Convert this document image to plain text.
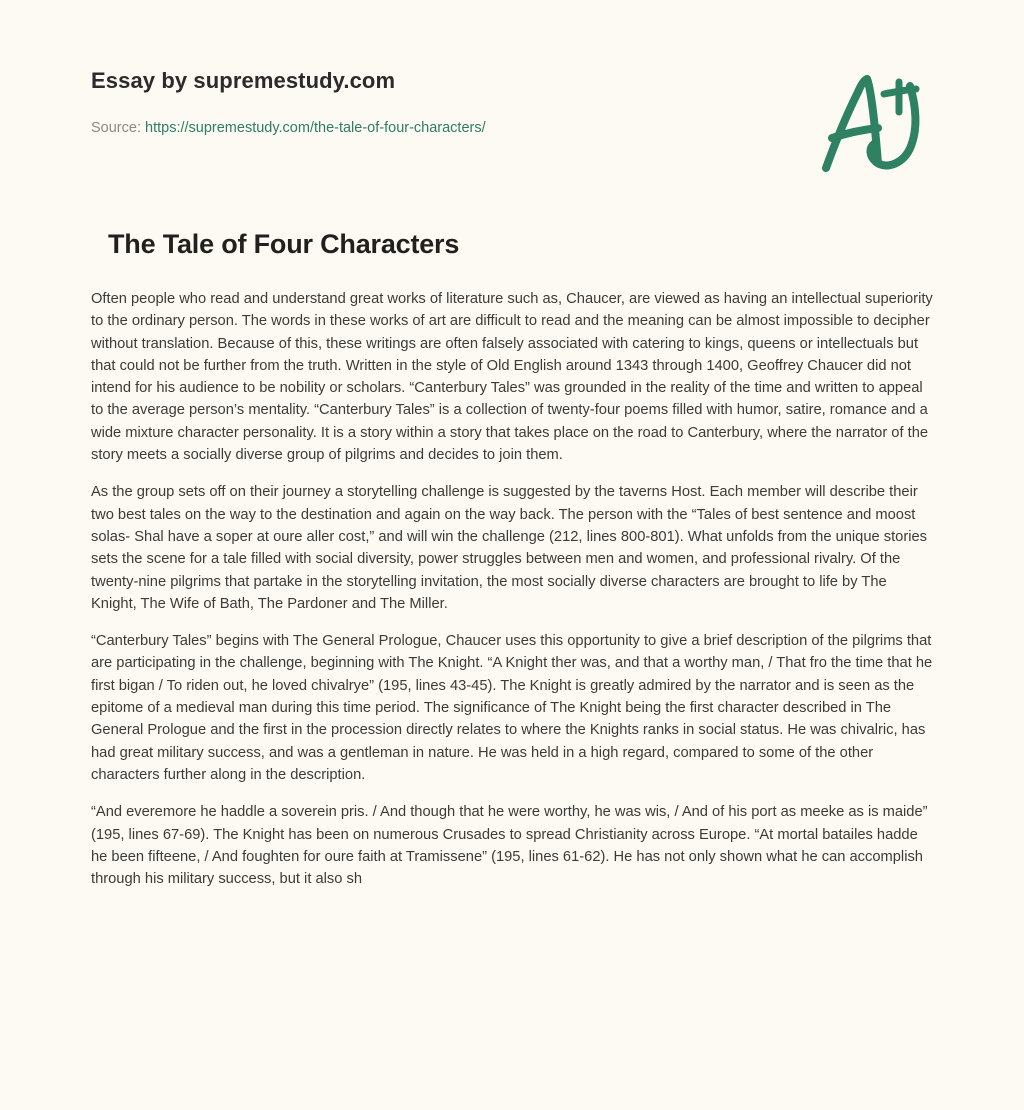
Essay by supremestudy.com
Source: https://supremestudy.com/the-tale-of-four-characters/
The Tale of Four Characters

Often people who read and understand great works of literature such as, Chaucer, are viewed as having an intellectual superiority to the ordinary person. The words in these works of art are difficult to read and the meaning can be almost impossible to decipher without translation. Because of this, these writings are often falsely associated with catering to kings, queens or intellectuals but that could not be further from the truth. Written in the style of Old English around 1343 through 1400, Geoffrey Chaucer did not intend for his audience to be nobility or scholars. “Canterbury Tales” was grounded in the reality of the time and written to appeal to the average person’s mentality. “Canterbury Tales” is a collection of twenty-four poems filled with humor, satire, romance and a wide mixture character personality. It is a story within a story that takes place on the road to Canterbury, where the narrator of the story meets a socially diverse group of pilgrims and decides to join them.

As the group sets off on their journey a storytelling challenge is suggested by the taverns Host. Each member will describe their two best tales on the way to the destination and again on the way back. The person with the “Tales of best sentence and moost solas- Shal have a soper at oure aller cost,” and will win the challenge (212, lines 800-801). What unfolds from the unique stories sets the scene for a tale filled with social diversity, power struggles between men and women, and professional rivalry. Of the twenty-nine pilgrims that partake in the storytelling invitation, the most socially diverse characters are brought to life by The Knight, The Wife of Bath, The Pardoner and The Miller.

“Canterbury Tales” begins with The General Prologue, Chaucer uses this opportunity to give a brief description of the pilgrims that are participating in the challenge, beginning with The Knight. “A Knight ther was, and that a worthy man, / That fro the time that he first bigan / To riden out, he loved chivalrye” (195, lines 43-45). The Knight is greatly admired by the narrator and is seen as the epitome of a medieval man during this time period. The significance of The Knight being the first character described in The General Prologue and the first in the procession directly relates to where the Knights ranks in social status. He was chivalric, has had great military success, and was a gentleman in nature. He was held in a high regard, compared to some of the other characters further along in the description.

“And everemore he haddle a soverein pris. / And though that he were worthy, he was wis, / And of his port as meeke as is maide” (195, lines 67-69). The Knight has been on numerous Crusades to spread Christianity across Europe. “At mortal batailes hadde he been fifteene, / And foughten for oure faith at Tramissene” (195, lines 61-62). He has not only shown what he can accomplish through his military success, but it also sh
